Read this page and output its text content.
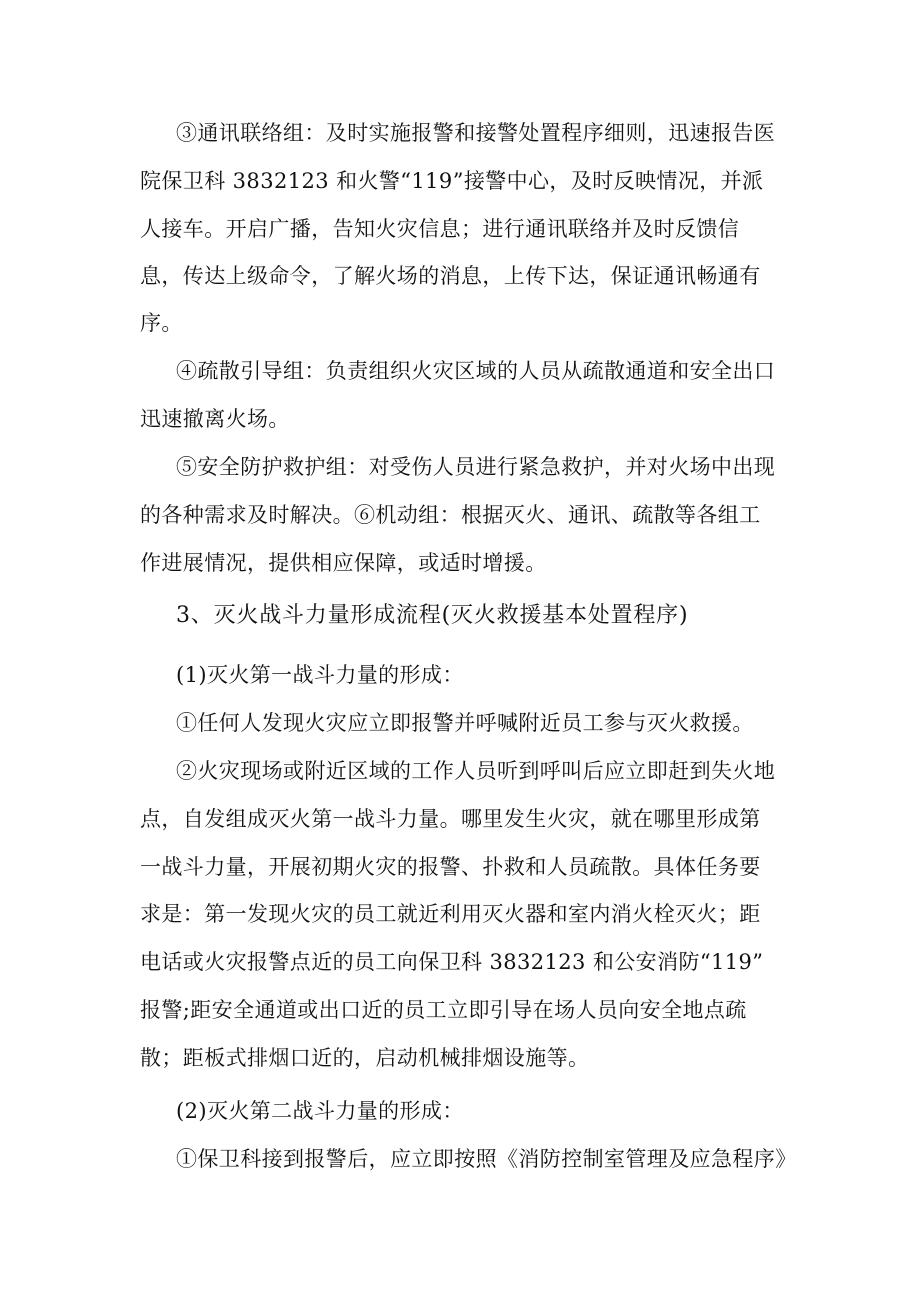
③通讯联络组：及时实施报警和接警处置程序细则，迅速报告医
院保卫科 3832123 和火警“119”接警中心，及时反映情况，并派
人接车。开启广播，告知火灾信息；进行通讯联络并及时反馈信
息，传达上级命令，了解火场的消息，上传下达，保证通讯畅通有
序。
④疏散引导组：负责组织火灾区域的人员从疏散通道和安全出口
迅速撤离火场。
⑤安全防护救护组：对受伤人员进行紧急救护，并对火场中出现
的各种需求及时解决。⑥机动组：根据灭火、通讯、疏散等各组工
作进展情况，提供相应保障，或适时增援。
3、灭火战斗力量形成流程(灭火救援基本处置程序)
(1)灭火第一战斗力量的形成：
①任何人发现火灾应立即报警并呼喊附近员工参与灭火救援。
②火灾现场或附近区域的工作人员听到呼叫后应立即赶到失火地
点，自发组成灭火第一战斗力量。哪里发生火灾，就在哪里形成第
一战斗力量，开展初期火灾的报警、扑救和人员疏散。具体任务要
求是：第一发现火灾的员工就近利用灭火器和室内消火栓灭火；距
电话或火灾报警点近的员工向保卫科 3832123 和公安消防“119”
报警;距安全通道或出口近的员工立即引导在场人员向安全地点疏
散；距板式排烟口近的，启动机械排烟设施等。
(2)灭火第二战斗力量的形成：
①保卫科接到报警后，应立即按照《消防控制室管理及应急程序》
